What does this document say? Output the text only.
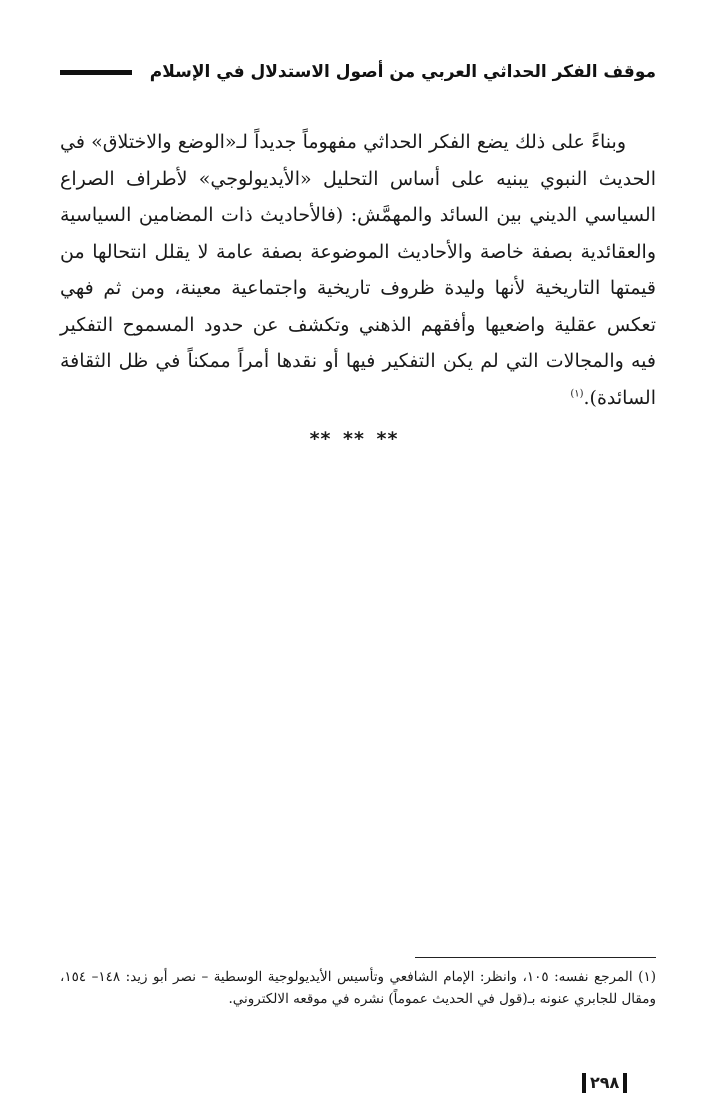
موقف الفكر الحداثي العربي من أصول الاستدلال في الإسلام

وبناءً على ذلك يضع الفكر الحداثي مفهوماً جديداً لـ«الوضع والاختلاق» في الحديث النبوي يبنيه على أساس التحليل «الأيديولوجي» لأطراف الصراع السياسي الديني بين السائد والمهمَّش: (فالأحاديث ذات المضامين السياسية والعقائدية بصفة خاصة والأحاديث الموضوعة بصفة عامة لا يقلل انتحالها من قيمتها التاريخية لأنها وليدة ظروف تاريخية واجتماعية معينة، ومن ثم فهي تعكس عقلية واضعيها وأفقهم الذهني وتكشف عن حدود المسموح التفكير فيه والمجالات التي لم يكن التفكير فيها أو نقدها أمراً ممكناً في ظل الثقافة السائدة).$^{(١)}$

** ** **

(١) المرجع نفسه: ١٠٥، وانظر: الإمام الشافعي وتأسيس الأيديولوجية الوسطية – نصر أبو زيد: ١٤٨– ١٥٤، ومقال للجابري عنونه بـ(قول في الحديث عموماً) نشره في موقعه الالكتروني.

٢٩٨
